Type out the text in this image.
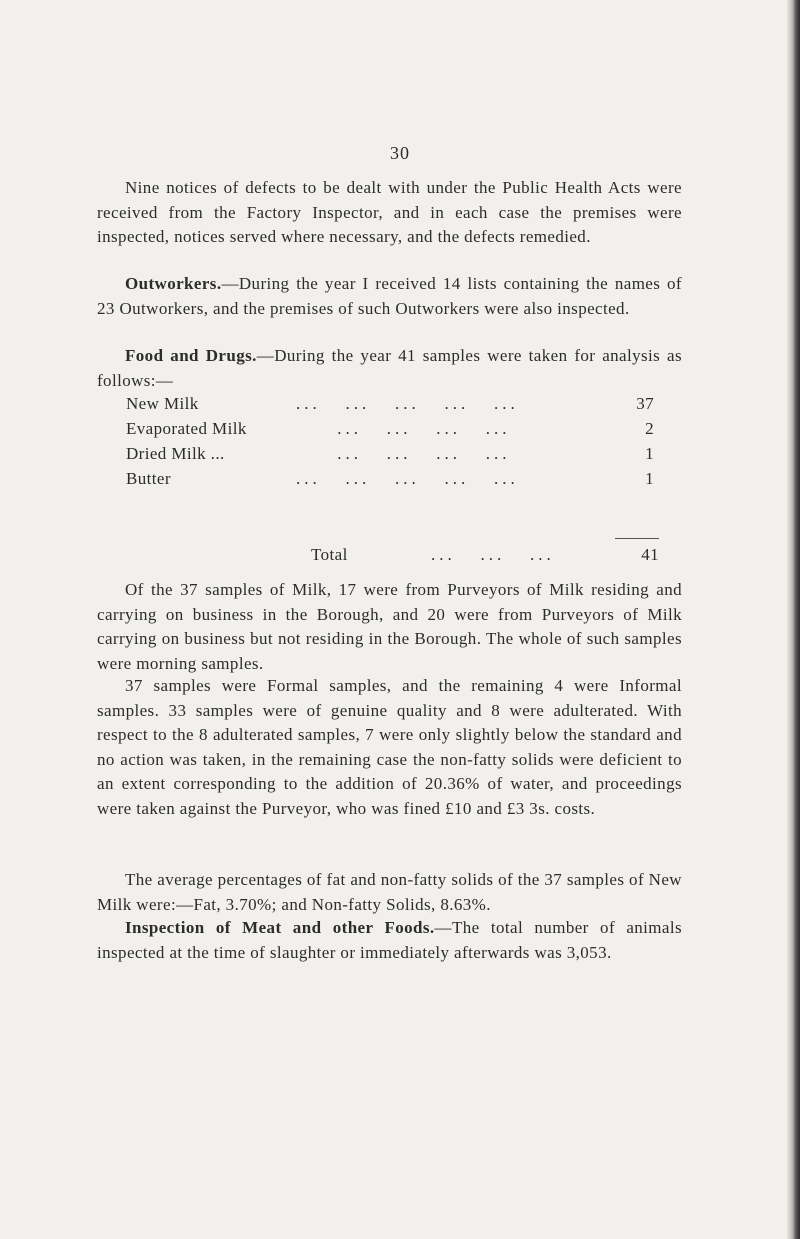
30
Nine notices of defects to be dealt with under the Public Health Acts were received from the Factory Inspector, and in each case the premises were inspected, notices served where necessary, and the defects remedied.
Outworkers.—During the year I received 14 lists containing the names of 23 Outworkers, and the premises of such Outworkers were also inspected.
Food and Drugs.—During the year 41 samples were taken for analysis as follows:—
New Milk	...   ...   ...   ...   ...	37
Evaporated Milk	...   ...   ...   ...	2
Dried Milk ...	...   ...   ...   ...	1
Butter	...   ...   ...   ...   ...	1
Total	...   ...   ...	41
Of the 37 samples of Milk, 17 were from Purveyors of Milk residing and carrying on business in the Borough, and 20 were from Purveyors of Milk carrying on business but not residing in the Borough. The whole of such samples were morning samples.
37 samples were Formal samples, and the remaining 4 were Informal samples. 33 samples were of genuine quality and 8 were adulterated. With respect to the 8 adulterated samples, 7 were only slightly below the standard and no action was taken, in the remaining case the non-fatty solids were deficient to an extent corresponding to the addition of 20.36% of water, and proceedings were taken against the Purveyor, who was fined £10 and £3 3s. costs.
The average percentages of fat and non-fatty solids of the 37 samples of New Milk were:—Fat, 3.70%; and Non-fatty Solids, 8.63%.
Inspection of Meat and other Foods.—The total number of animals inspected at the time of slaughter or immediately afterwards was 3,053.
